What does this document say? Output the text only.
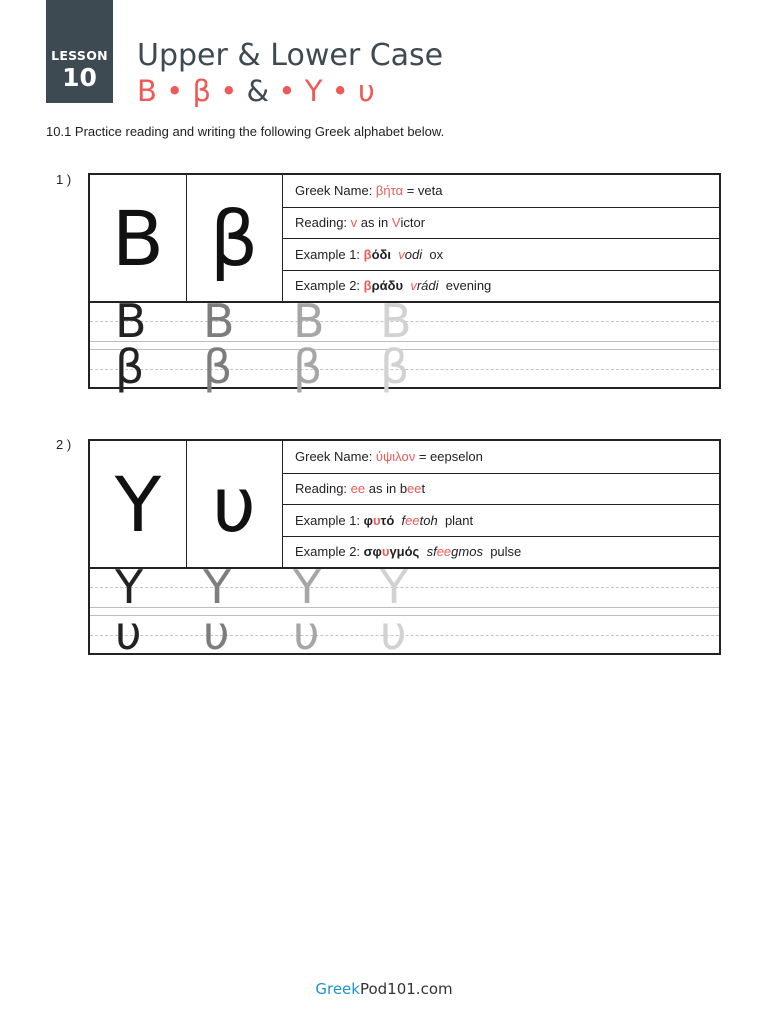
LESSON
10
Upper & Lower Case
Β • β • & • Υ • υ
10.1 Practice reading and writing the following Greek alphabet below.
1 )
Β β
Greek Name: βήτα = veta
Reading: v as in V ictor
Example 1: β όδι
v odi
ox
Example 2: β ράδυ
v rádi
evening
Β Β Β Β
β β β β
2 )
Υ υ
Greek Name: ύψιλον = eepselon
Reading: ee as in b ee t
Example 1: φ υ τό
f ee toh
plant
Example 2: σφ υ γμός
sf ee gmos
pulse
Υ Υ Υ Υ
υ υ υ υ
GreekPod101.com
